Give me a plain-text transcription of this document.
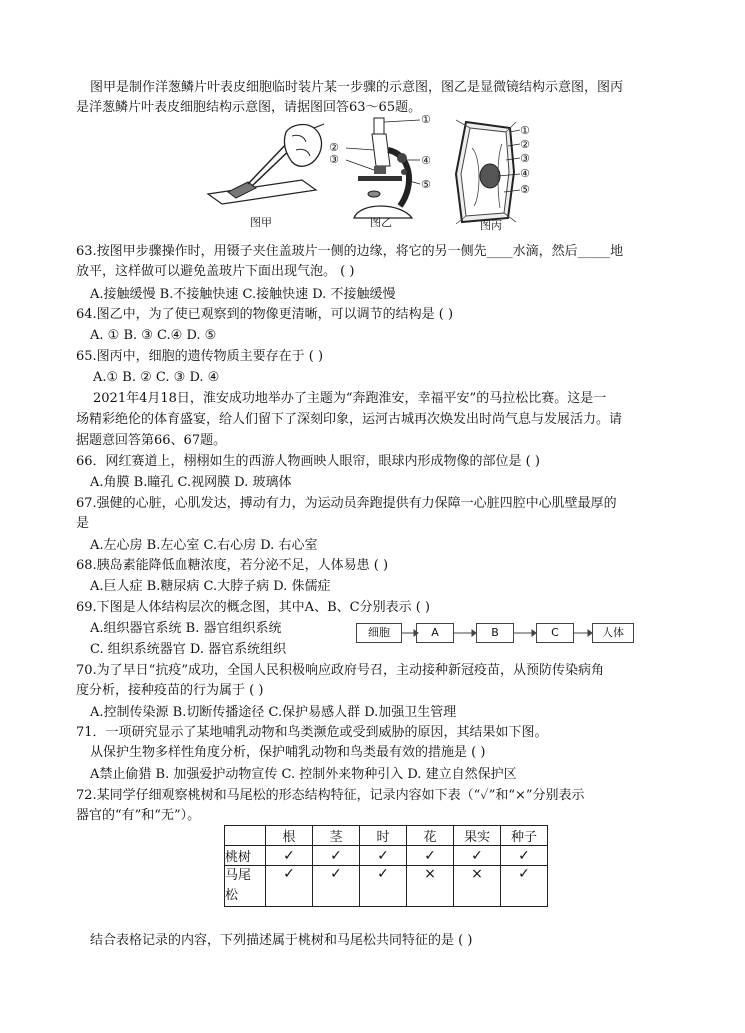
图甲是制作洋葱鳞片叶表皮细胞临时装片某一步骤的示意图，图乙是显微镜结构示意图，图丙
是洋葱鳞片叶表皮细胞结构示意图，请据图回答63～65题。
图甲
①
②
③	④
⑤
图乙
①
②
③
④
⑤
图丙
63.按图甲步骤操作时，用镊子夹住盖玻片一侧的边缘，将它的另一侧先____水滴，然后_____地
放平，这样做可以避免盖玻片下面出现气泡。 ( )
A.接触缓慢 B.不接触快速 C.接触快速 D. 不接触缓慢
64.图乙中，为了使已观察到的物像更清晰，可以调节的结构是 ( )
A. ① B. ③ C.④ D. ⑤
65.图丙中，细胞的遗传物质主要存在于 ( )
A.① B. ② C. ③ D. ④
2021年4月18日，淮安成功地举办了主题为“奔跑淮安，幸福平安”的马拉松比赛。这是一
场精彩绝伦的体育盛宴，给人们留下了深刻印象，运河古城再次焕发出时尚气息与发展活力。请
据题意回答第66、67题。
66．网红赛道上，栩栩如生的西游人物画映人眼帘，眼球内形成物像的部位是 ( )
A.角膜 B.瞳孔 C.视网膜 D. 玻璃体
67.强健的心脏，心肌发达，搏动有力，为运动员奔跑提供有力保障一心脏四腔中心肌壁最厚的
是
A.左心房 B.左心室 C.右心房 D. 右心室
68.胰岛素能降低血糖浓度，若分泌不足，人体易患 ( )
A.巨人症 B.糖尿病 C.大脖子病 D. 侏儒症
69.下图是人体结构层次的概念图，其中A、B、C分别表示 ( )
A.组织器官系统 B. 器官组织系统
C. 组织系统器官 D. 器官系统组织
细胞	A	B	C	人体
70.为了早日“抗疫”成功，全国人民积极响应政府号召，主动接种新冠疫苗，从预防传染病角
度分析，接种疫苗的行为属于 ( )
A.控制传染源 B.切断传播途径 C.保护易感人群 D.加强卫生管理
71．一项研究显示了某地哺乳动物和鸟类濒危或受到威胁的原因，其结果如下图。
从保护生物多样性角度分析，保护哺乳动物和鸟类最有效的措施是 ( )
A禁止偷猎 B. 加强爱护动物宣传 C. 控制外来物种引入 D. 建立自然保护区
72.某同学仔细观察桃树和马尾松的形态结构特征，记录内容如下表（“✓”和“×”分别表示
器官的“有”和“无”）。
	根	茎	时	花	果实	种子
桃树	✓	✓	✓	✓	✓	✓
马尾
松	✓	✓	✓	×	×	✓
结合表格记录的内容，下列描述属于桃树和马尾松共同特征的是 ( )
